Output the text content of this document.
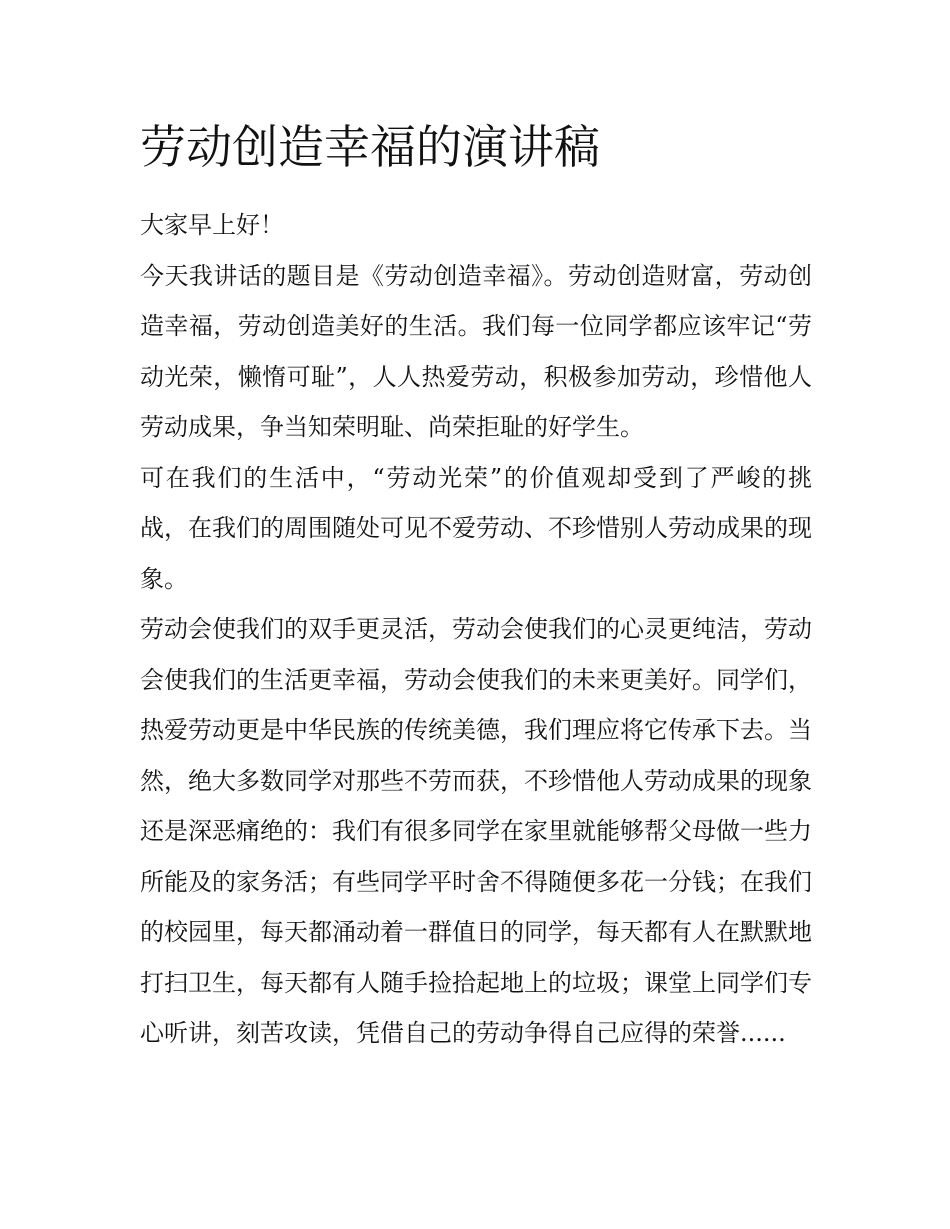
劳动创造幸福的演讲稿

大家早上好！

今天我讲话的题目是《劳动创造幸福》。劳动创造财富，劳动创造幸福，劳动创造美好的生活。我们每一位同学都应该牢记“劳动光荣，懒惰可耻”，人人热爱劳动，积极参加劳动，珍惜他人劳动成果，争当知荣明耻、尚荣拒耻的好学生。

可在我们的生活中，“劳动光荣”的价值观却受到了严峻的挑战，在我们的周围随处可见不爱劳动、不珍惜别人劳动成果的现象。

劳动会使我们的双手更灵活，劳动会使我们的心灵更纯洁，劳动会使我们的生活更幸福，劳动会使我们的未来更美好。同学们，热爱劳动更是中华民族的传统美德，我们理应将它传承下去。当然，绝大多数同学对那些不劳而获，不珍惜他人劳动成果的现象还是深恶痛绝的：我们有很多同学在家里就能够帮父母做一些力所能及的家务活；有些同学平时舍不得随便多花一分钱；在我们的校园里，每天都涌动着一群值日的同学，每天都有人在默默地打扫卫生，每天都有人随手捡拾起地上的垃圾；课堂上同学们专心听讲，刻苦攻读，凭借自己的劳动争得自己应得的荣誉......
